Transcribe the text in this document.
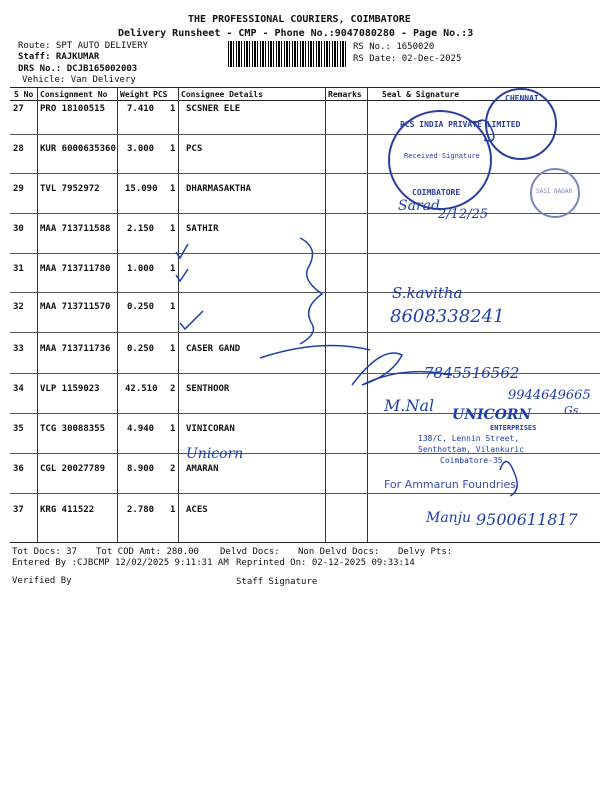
THE PROFESSIONAL COURIERS, COIMBATORE
Delivery Runsheet - CMP - Phone No.:9047080280 - Page No.:3
Route: SPT AUTO DELIVERY
Staff: RAJKUMAR
DRS No.: DCJB165002003
Vehicle: Van Delivery
RS No.: 1650020
RS Date: 02-Dec-2025
S No Consignment No Weight PCS Consignee Details	Remarks	Seal & Signature
27 PRO 18100515 7.410 1 SCSNER ELE
28 KUR 6000635360 3.000 1 PCS
29 TVL 7952972	15.090 1 DHARMASAKTHA
30 MAA 713711588 2.150 1 SATHIR
31 MAA 713711780 1.000 1
32 MAA 713711570 0.250 1
33 MAA 713711736 0.250 1 CASER GAND
34 VLP 1159023	42.510 2 SENTHOOR
35 TCG 30088355 4.940 1 VINICORAN
36 CGL 20027789 8.900 2 AMARAN
37 KRG 411522	2.780 1 ACES
CHENNAI
PCS INDIA PRIVATE LIMITED
Received Signature
COIMBATORE	SASI NAGAR
Sarad
2/12/25
S.kavitha
8608338241
7845516562
M.Nal
9944649665
Gs.
Unicorn
UNICORN
ENTERPRISES
138/C, Lennin Street,
Senthottam, Vilankuric
Coimbatore-35.
For Ammarun Foundries
Manju 9500611817
Tot Docs: 37 Tot COD Amt: 280.00 Delvd Docs: Non Delvd Docs: Delvy Pts:
Entered By :CJBCMP 12/02/2025 9:11:31 AM Reprinted On: 02-12-2025 09:33:14
Verified By	Staff Signature
